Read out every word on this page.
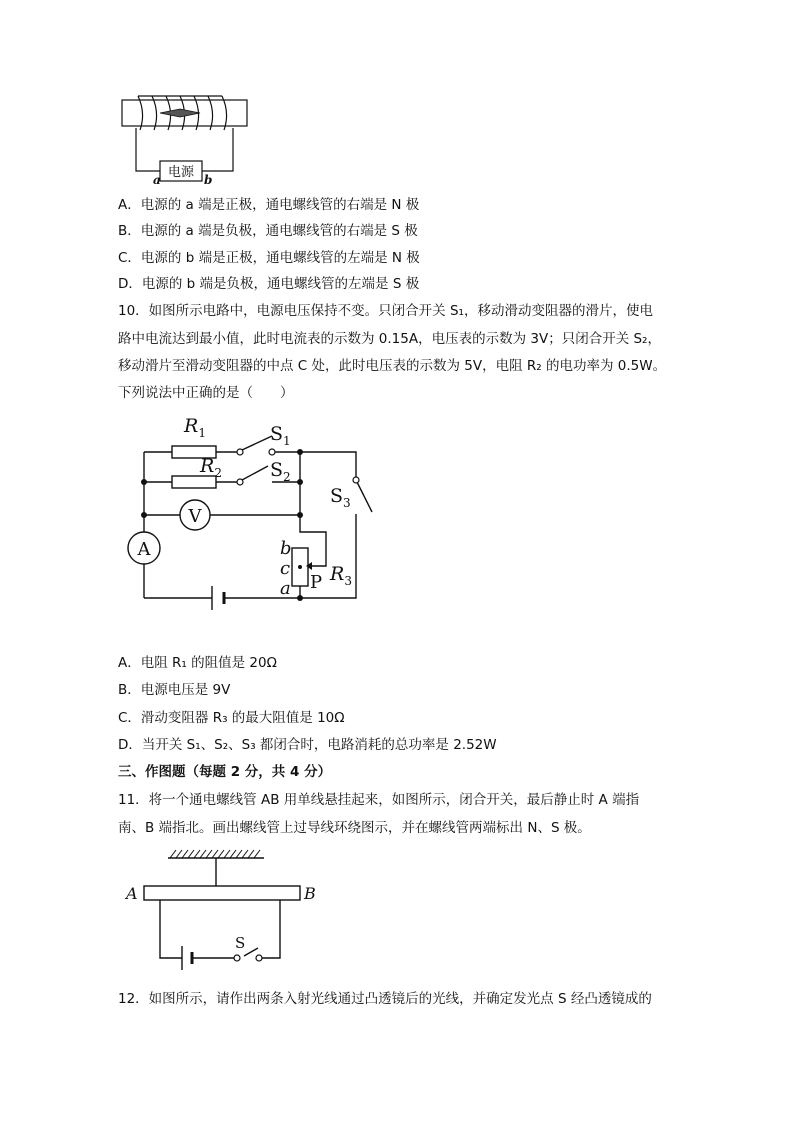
电源
a	b
A．电源的 a 端是正极，通电螺线管的右端是 N 极
B．电源的 a 端是负极，通电螺线管的右端是 S 极
C．电源的 b 端是正极，通电螺线管的左端是 N 极
D．电源的 b 端是负极，通电螺线管的左端是 S 极
10．如图所示电路中，电源电压保持不变。只闭合开关 S₁，移动滑动变阻器的滑片，使电
路中电流达到最小值，此时电流表的示数为 0.15A，电压表的示数为 3V；只闭合开关 S₂，
移动滑片至滑动变阻器的中点 C 处，此时电压表的示数为 5V，电阻 R₂ 的电功率为 0.5W。
下列说法中正确的是（　　）
V
A
$R_1$	$S_1$
$R_2$	$S_2$
$S_3$
b
c
a P $R_3$
A．电阻 R₁ 的阻值是 20Ω
B．电源电压是 9V
C．滑动变阻器 R₃ 的最大阻值是 10Ω
D．当开关 S₁、S₂、S₃ 都闭合时，电路消耗的总功率是 2.52W
三、作图题（每题 2 分，共 4 分）
11．将一个通电螺线管 AB 用单线悬挂起来，如图所示，闭合开关，最后静止时 A 端指
南、B 端指北。画出螺线管上过导线环绕图示，并在螺线管两端标出 N、S 极。
A	B
S
12．如图所示，请作出两条入射光线通过凸透镜后的光线，并确定发光点 S 经凸透镜成的
